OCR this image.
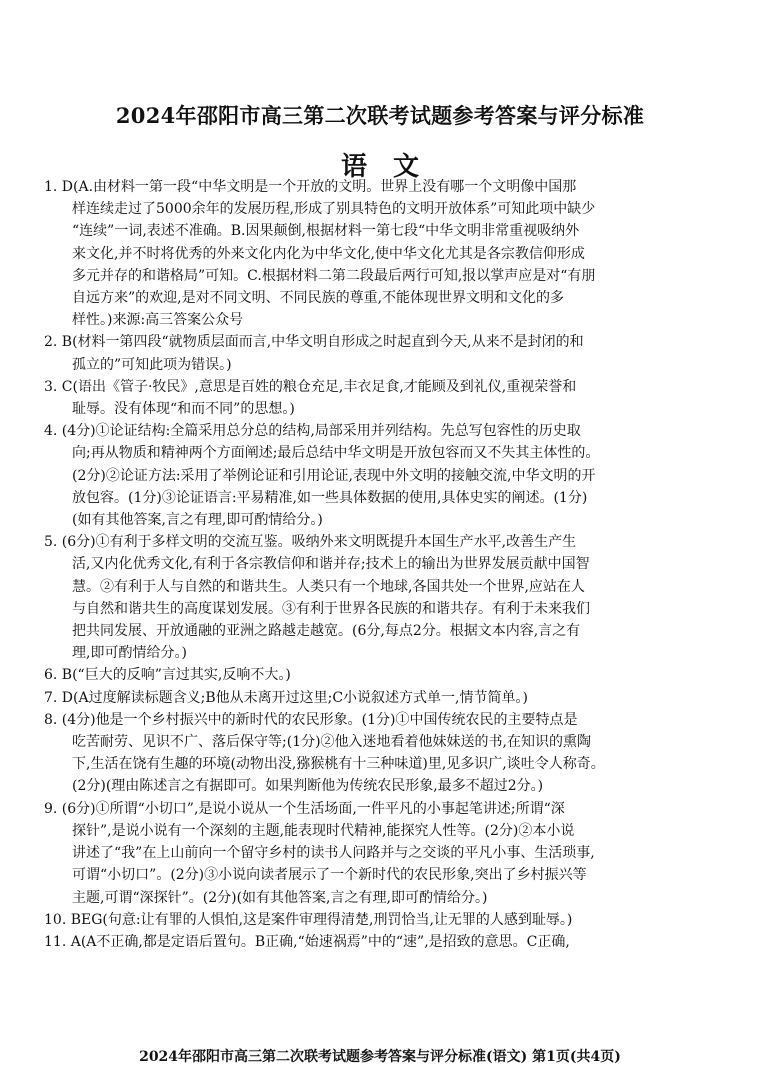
2024年邵阳市高三第二次联考试题参考答案与评分标准
语文
1. D(A.由材料一第一段“中华文明是一个开放的文明。世界上没有哪一个文明像中国那
样连续走过了5000余年的发展历程,形成了别具特色的文明开放体系”可知此项中缺少
“连续”一词,表述不准确。B.因果颠倒,根据材料一第七段“中华文明非常重视吸纳外
来文化,并不时将优秀的外来文化内化为中华文化,使中华文化尤其是各宗教信仰形成
多元并存的和谐格局”可知。C.根据材料二第二段最后两行可知,报以掌声应是对“有朋
自远方来”的欢迎,是对不同文明、不同民族的尊重,不能体现世界文明和文化的多
样性。)来源:高三答案公众号
2. B(材料一第四段“就物质层面而言,中华文明自形成之时起直到今天,从来不是封闭的和
孤立的”可知此项为错误。)
3. C(语出《管子·牧民》,意思是百姓的粮仓充足,丰衣足食,才能顾及到礼仪,重视荣誉和
耻辱。没有体现“和而不同”的思想。)
4. (4分)①论证结构:全篇采用总分总的结构,局部采用并列结构。先总写包容性的历史取
向;再从物质和精神两个方面阐述;最后总结中华文明是开放包容而又不失其主体性的。
(2分)②论证方法:采用了举例论证和引用论证,表现中外文明的接触交流,中华文明的开
放包容。(1分)③论证语言:平易精准,如一些具体数据的使用,具体史实的阐述。(1分)
(如有其他答案,言之有理,即可酌情给分。)
5. (6分)①有利于多样文明的交流互鉴。吸纳外来文明既提升本国生产水平,改善生产生
活,又内化优秀文化,有利于各宗教信仰和谐并存;技术上的输出为世界发展贡献中国智
慧。②有利于人与自然的和谐共生。人类只有一个地球,各国共处一个世界,应站在人
与自然和谐共生的高度谋划发展。③有利于世界各民族的和谐共存。有利于未来我们
把共同发展、开放通融的亚洲之路越走越宽。(6分,每点2分。根据文本内容,言之有
理,即可酌情给分。)
6. B(“巨大的反响”言过其实,反响不大。)
7. D(A过度解读标题含义;B他从未离开过这里;C小说叙述方式单一,情节简单。)
8. (4分)他是一个乡村振兴中的新时代的农民形象。(1分)①中国传统农民的主要特点是
吃苦耐劳、见识不广、落后保守等;(1分)②他入迷地看着他妹妹送的书,在知识的熏陶
下,生活在饶有生趣的环境(动物出没,猕猴桃有十三种味道)里,见多识广,谈吐令人称奇。
(2分)(理由陈述言之有据即可。如果判断他为传统农民形象,最多不超过2分。)
9. (6分)①所谓“小切口”,是说小说从一个生活场面,一件平凡的小事起笔讲述;所谓“深
探针”,是说小说有一个深刻的主题,能表现时代精神,能探究人性等。(2分)②本小说
讲述了“我”在上山前向一个留守乡村的读书人问路并与之交谈的平凡小事、生活琐事,
可谓“小切口”。(2分)③小说向读者展示了一个新时代的农民形象,突出了乡村振兴等
主题,可谓“深探针”。(2分)(如有其他答案,言之有理,即可酌情给分。)
10. BEG(句意:让有罪的人惧怕,这是案件审理得清楚,刑罚恰当,让无罪的人感到耻辱。)
11. A(A不正确,都是定语后置句。B正确,“始速祸焉”中的“速”,是招致的意思。C正确,
2024年邵阳市高三第二次联考试题参考答案与评分标准(语文) 第1页(共4页)
